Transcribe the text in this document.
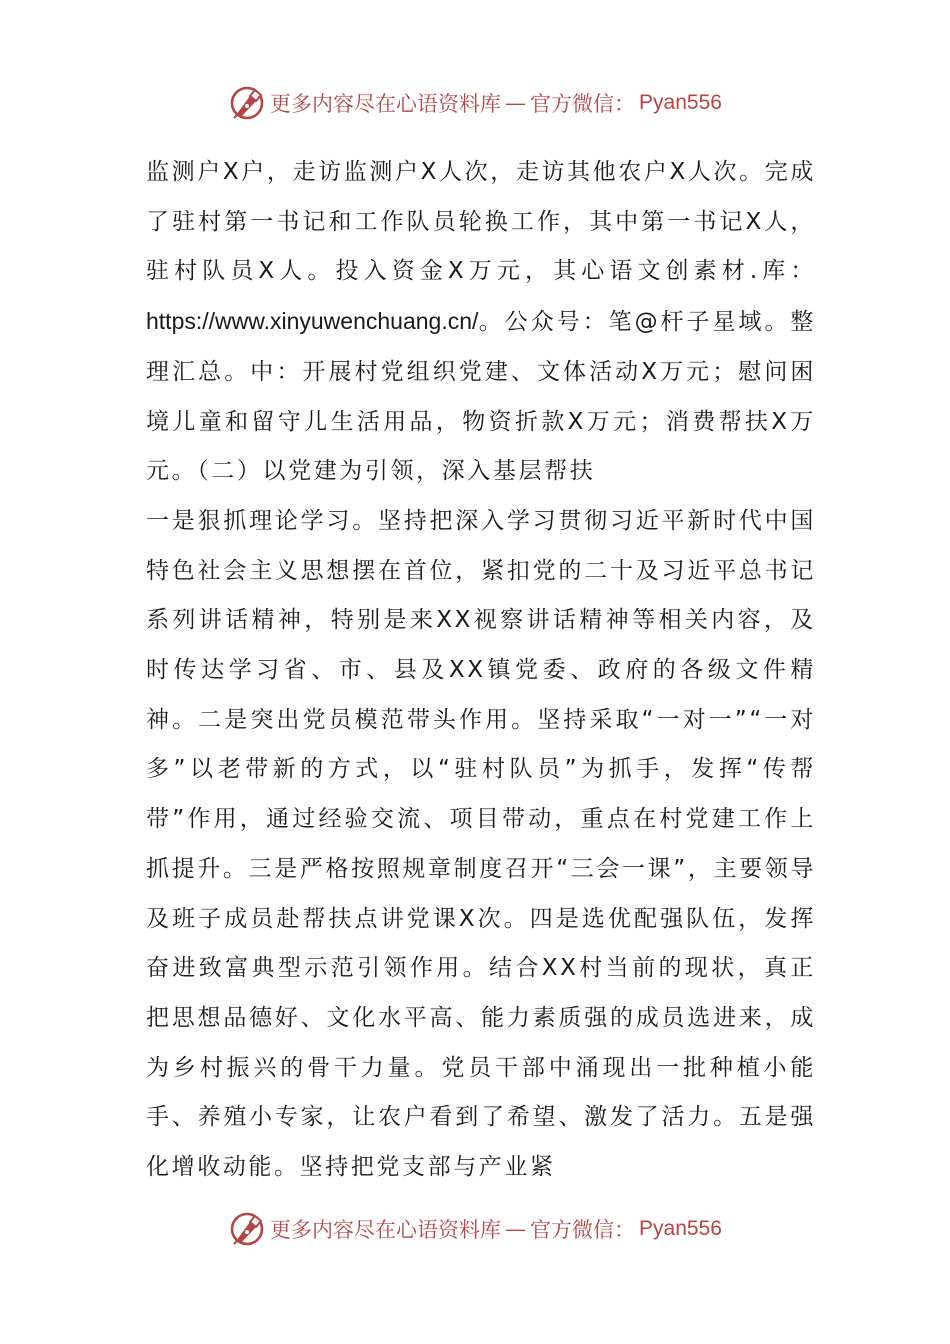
更多内容尽在心语资料库 — 官方微信： Pyan556

监测户X户，走访监测户X人次，走访其他农户X人次。完成了驻村第一书记和工作队员轮换工作，其中第一书记X人，驻村队员X人。投入资金X万元，其心语文创素材.库：https://www.xinyuwenchuang.cn/。公众号：笔@杆子星域。整理汇总。中：开展村党组织党建、文体活动X万元；慰问困境儿童和留守儿生活用品，物资折款X万元；消费帮扶X万元。（二）以党建为引领，深入基层帮扶

一是狠抓理论学习。坚持把深入学习贯彻习近平新时代中国特色社会主义思想摆在首位，紧扣党的二十及习近平总书记系列讲话精神，特别是来XX视察讲话精神等相关内容，及时传达学习省、市、县及XX镇党委、政府的各级文件精神。二是突出党员模范带头作用。坚持采取“一对一”“一对多”以老带新的方式，以“驻村队员”为抓手，发挥“传帮带”作用，通过经验交流、项目带动，重点在村党建工作上抓提升。三是严格按照规章制度召开“三会一课”，主要领导及班子成员赴帮扶点讲党课X次。四是选优配强队伍，发挥奋进致富典型示范引领作用。结合XX村当前的现状，真正把思想品德好、文化水平高、能力素质强的成员选进来，成为乡村振兴的骨干力量。党员干部中涌现出一批种植小能手、养殖小专家，让农户看到了希望、激发了活力。五是强化增收动能。坚持把党支部与产业紧

更多内容尽在心语资料库 — 官方微信： Pyan556
